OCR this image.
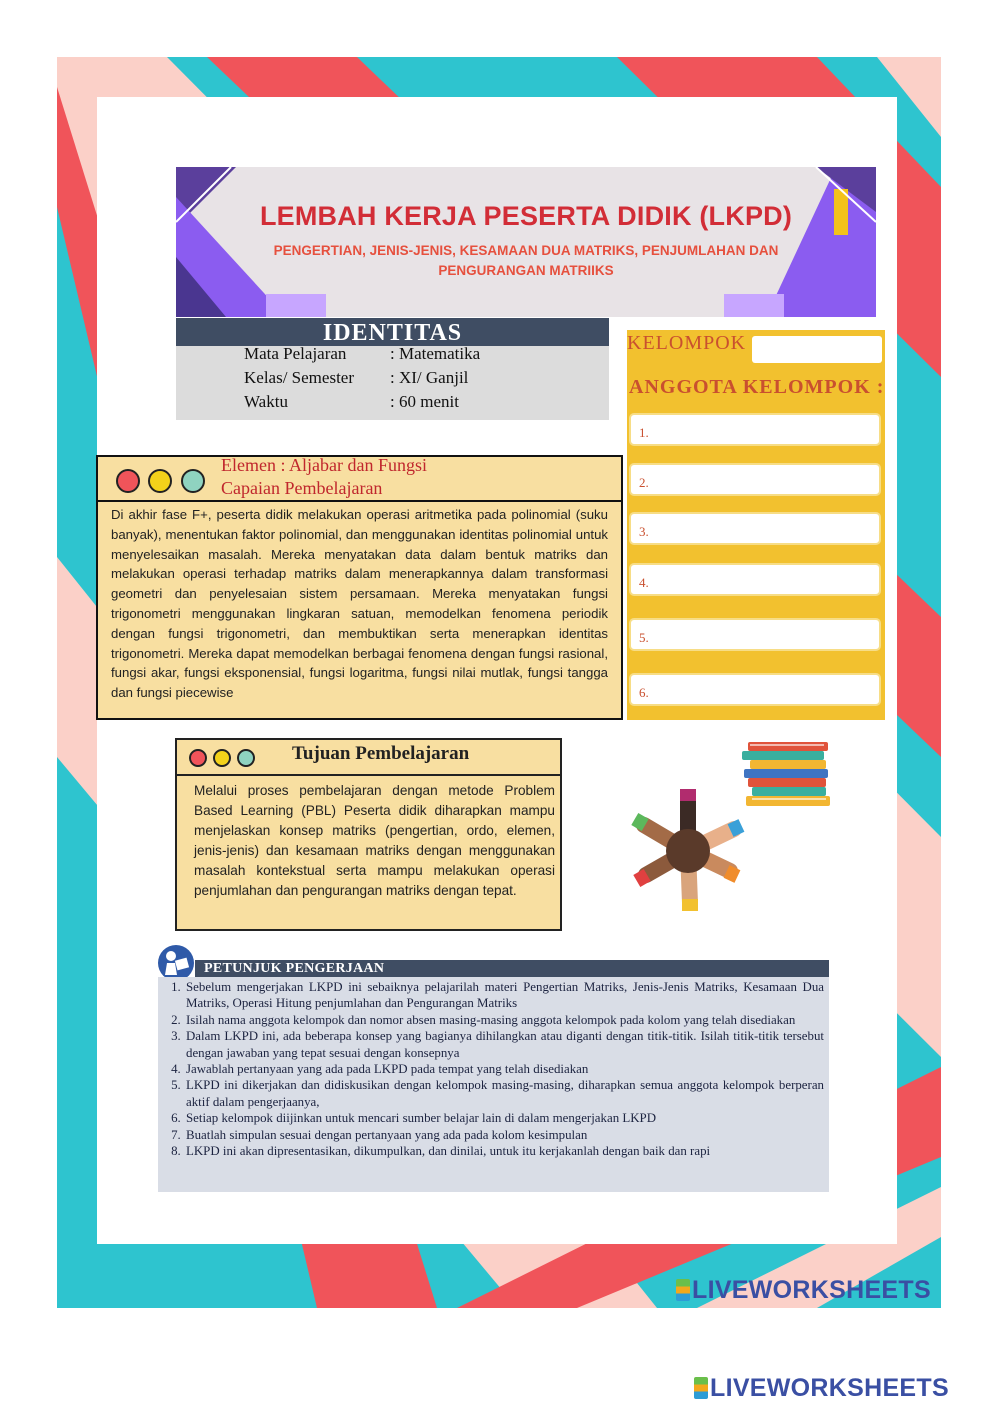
LEMBAH KERJA PESERTA DIDIK (LKPD)
PENGERTIAN, JENIS-JENIS, KESAMAAN DUA MATRIKS, PENJUMLAHAN DAN
PENGURANGAN MATRIIKS
IDENTITAS
Mata Pelajaran	: Matematika
Kelas/ Semester : XI/ Ganjil
Waktu	: 60 menit
KELOMPOK
ANGGOTA KELOMPOK :
1.
2.
3.
4.
5.
6.
Elemen : Aljabar dan Fungsi
Capaian Pembelajaran
Di akhir fase F+, peserta didik melakukan operasi aritmetika pada polinomial (suku banyak), menentukan faktor polinomial, dan menggunakan identitas polinomial untuk menyelesaikan masalah. Mereka menyatakan data dalam bentuk matriks dan melakukan operasi terhadap matriks dalam menerapkannya dalam transformasi geometri dan penyelesaian sistem persamaan. Mereka menyatakan fungsi trigonometri menggunakan lingkaran satuan, memodelkan fenomena periodik dengan fungsi trigonometri, dan membuktikan serta menerapkan identitas trigonometri. Mereka dapat memodelkan berbagai fenomena dengan fungsi rasional, fungsi akar, fungsi eksponensial, fungsi logaritma, fungsi nilai mutlak, fungsi tangga dan fungsi piecewise
Tujuan Pembelajaran
Melalui proses pembelajaran dengan metode Problem Based Learning (PBL) Peserta didik diharapkan mampu menjelaskan konsep matriks (pengertian, ordo, elemen, jenis-jenis) dan kesamaan matriks dengan menggunakan masalah kontekstual serta mampu melakukan operasi penjumlahan dan pengurangan matriks dengan tepat.
PETUNJUK PENGERJAAN
1. Sebelum mengerjakan LKPD ini sebaiknya pelajarilah materi Pengertian Matriks, Jenis-Jenis Matriks, Kesamaan Dua Matriks, Operasi Hitung penjumlahan dan Pengurangan Matriks
2. Isilah nama anggota kelompok dan nomor absen masing-masing anggota kelompok pada kolom yang telah disediakan
3. Dalam LKPD ini, ada beberapa konsep yang bagianya dihilangkan atau diganti dengan titik-titik. Isilah titik-titik tersebut dengan jawaban yang tepat sesuai dengan konsepnya
4. Jawablah pertanyaan yang ada pada LKPD pada tempat yang telah disediakan
5. LKPD ini dikerjakan dan didiskusikan dengan kelompok masing-masing, diharapkan semua anggota kelompok berperan aktif dalam pengerjaanya,
6. Setiap kelompok diijinkan untuk mencari sumber belajar lain di dalam mengerjakan LKPD
7. Buatlah simpulan sesuai dengan pertanyaan yang ada pada kolom kesimpulan
8. LKPD ini akan dipresentasikan, dikumpulkan, dan dinilai, untuk itu kerjakanlah dengan baik dan rapi
LIVEWORKSHEETS
LIVEWORKSHEETS
